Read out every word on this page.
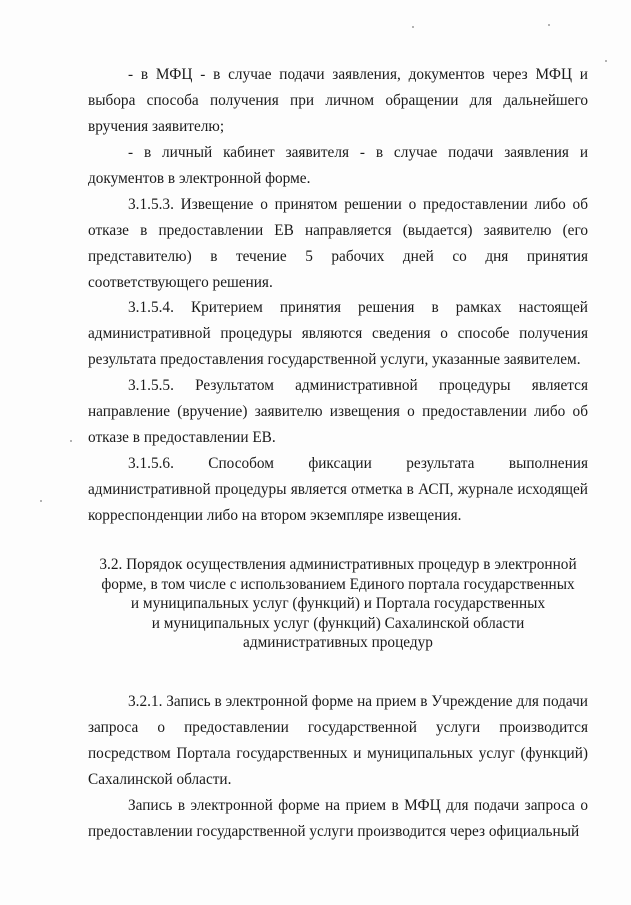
- в МФЦ - в случае подачи заявления, документов через МФЦ и выбора способа получения при личном обращении для дальнейшего вручения заявителю;

- в личный кабинет заявителя - в случае подачи заявления и документов в электронной форме.

3.1.5.3. Извещение о принятом решении о предоставлении либо об отказе в предоставлении ЕВ направляется (выдается) заявителю (его представителю) в течение 5 рабочих дней со дня принятия соответствующего решения.

3.1.5.4. Критерием принятия решения в рамках настоящей административной процедуры являются сведения о способе получения результата предоставления государственной услуги, указанные заявителем.

3.1.5.5. Результатом административной процедуры является направление (вручение) заявителю извещения о предоставлении либо об отказе в предоставлении ЕВ.

3.1.5.6. Способом фиксации результата выполнения административной процедуры является отметка в АСП, журнале исходящей корреспонденции либо на втором экземпляре извещения.

3.2. Порядок осуществления административных процедур в электронной
форме, в том числе с использованием Единого портала государственных
и муниципальных услуг (функций) и Портала государственных
и муниципальных услуг (функций) Сахалинской области
административных процедур

3.2.1. Запись в электронной форме на прием в Учреждение для подачи запроса о предоставлении государственной услуги производится посредством Портала государственных и муниципальных услуг (функций) Сахалинской области.

Запись в электронной форме на прием в МФЦ для подачи запроса о предоставлении государственной услуги производится через официальный
